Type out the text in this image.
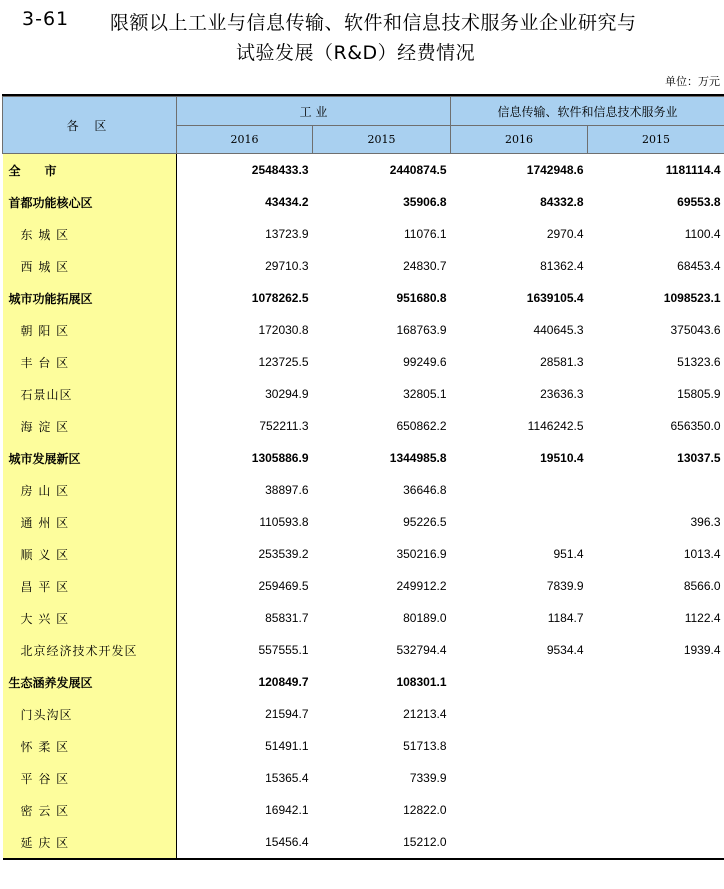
3-61 限额以上工业与信息传输、软件和信息技术服务业企业研究与
试验发展（R&D）经费情况
单位：万元
各 区	工 业		信息传输、软件和信息技术服务业	
	2016	2015	2016	2015
全　　市	2548433.3	2440874.5	1742948.6	1181114.4
首都功能核心区	43434.2	35906.8	84332.8	69553.8
东 城 区	13723.9	11076.1	2970.4	1100.4
西 城 区	29710.3	24830.7	81362.4	68453.4
城市功能拓展区	1078262.5	951680.8	1639105.4	1098523.1
朝 阳 区	172030.8	168763.9	440645.3	375043.6
丰 台 区	123725.5	99249.6	28581.3	51323.6
石景山区	30294.9	32805.1	23636.3	15805.9
海 淀 区	752211.3	650862.2	1146242.5	656350.0
城市发展新区	1305886.9	1344985.8	19510.4	13037.5
房 山 区	38897.6	36646.8		
通 州 区	110593.8	95226.5		396.3
顺 义 区	253539.2	350216.9	951.4	1013.4
昌 平 区	259469.5	249912.2	7839.9	8566.0
大 兴 区	85831.7	80189.0	1184.7	1122.4
北京经济技术开发区	557555.1	532794.4	9534.4	1939.4
生态涵养发展区	120849.7	108301.1		
门头沟区	21594.7	21213.4		
怀 柔 区	51491.1	51713.8		
平 谷 区	15365.4	7339.9		
密 云 区	16942.1	12822.0		
延 庆 区	15456.4	15212.0		
